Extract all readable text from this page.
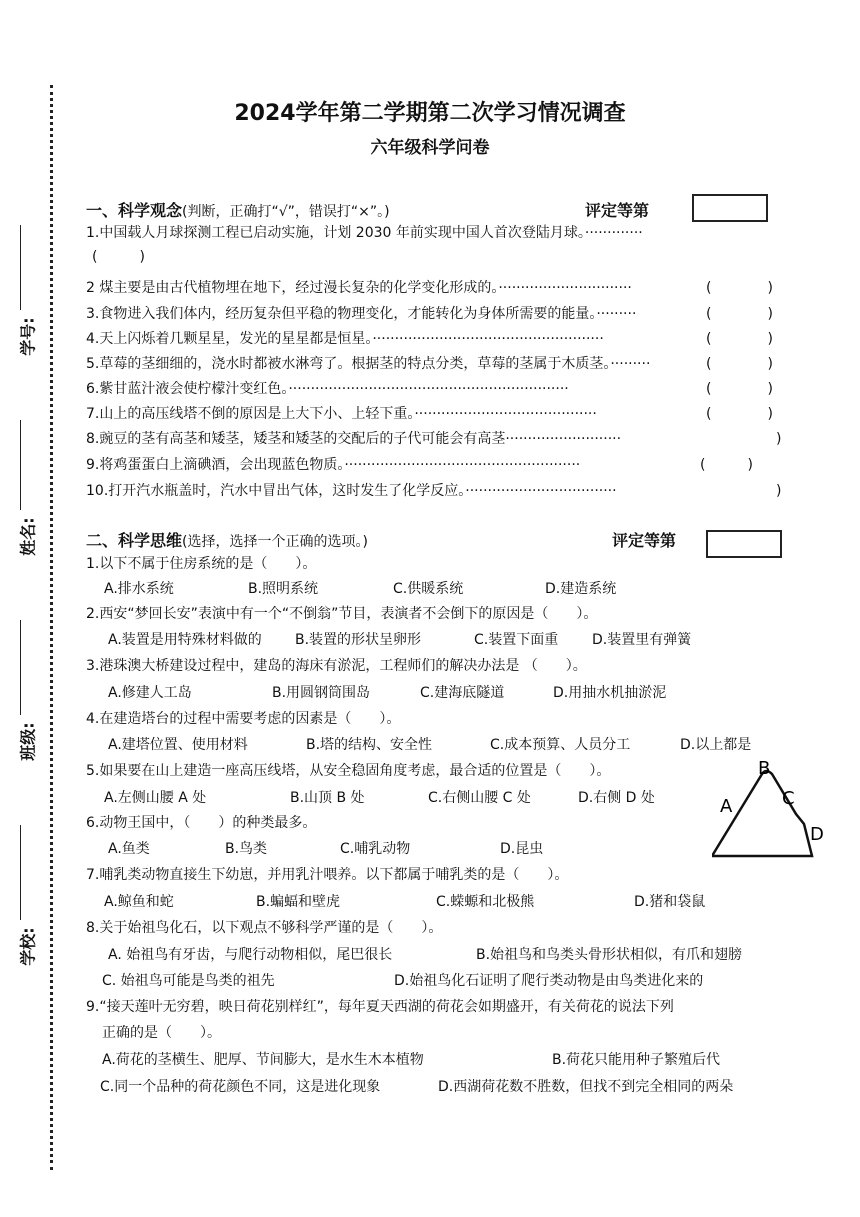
学校:
班级:
姓名:
学号:
2024学年第二学期第二次学习情况调查
六年级科学问卷
一、科学观念(判断，正确打“√”，错误打“×”。)	评定等第
1.中国载人月球探测工程已启动实施，计划 2030 年前实现中国人首次登陆月球。·············
(　　　)
2 煤主要是由古代植物埋在地下，经过漫长复杂的化学变化形成的。······························	(　　　　)
3.食物进入我们体内，经历复杂但平稳的物理变化，才能转化为身体所需要的能量。·········	(　　　　)
4.天上闪烁着几颗星星，发光的星星都是恒星。····················································	(　　　　)
5.草莓的茎细细的，浇水时都被水淋弯了。根据茎的特点分类，草莓的茎属于木质茎。·········	(　　　　)
6.紫甘蓝汁液会使柠檬汁变红色。·······························································	(　　　　)
7.山上的高压线塔不倒的原因是上大下小、上轻下重。·········································	(　　　　)
8.豌豆的茎有高茎和矮茎，矮茎和矮茎的交配后的子代可能会有高茎··························	　　　　　)
9.将鸡蛋蛋白上滴碘酒，会出现蓝色物质。·····················································	(　　　)
10.打开汽水瓶盖时，汽水中冒出气体，这时发生了化学反应。··································	　　　　　)
二、科学思维(选择，选择一个正确的选项。)	评定等第
1.以下不属于住房系统的是（　　）。
A.排水系统	B.照明系统	C.供暖系统	D.建造系统
2.西安“梦回长安”表演中有一个“不倒翁”节目，表演者不会倒下的原因是（　　）。
A.装置是用特殊材料做的 B.装置的形状呈卵形	C.装置下面重 D.装置里有弹簧
3.港珠澳大桥建设过程中，建岛的海床有淤泥，工程师们的解决办法是 （　　）。
A.修建人工岛	B.用圆钢筒围岛	C.建海底隧道	D.用抽水机抽淤泥
4.在建造塔台的过程中需要考虑的因素是（　　）。
A.建塔位置、使用材料	B.塔的结构、安全性	C.成本预算、人员分工	D.以上都是
5.如果要在山上建造一座高压线塔，从安全稳固角度考虑，最合适的位置是（　　）。
A.左侧山腰 A 处	B.山顶 B 处	C.右侧山腰 C 处	D.右侧 D 处	A
B
C
D
6.动物王国中，（　　）的种类最多。
A.鱼类	B.鸟类	C.哺乳动物	D.昆虫
7.哺乳类动物直接生下幼崽，并用乳汁喂养。以下都属于哺乳类的是（　　）。
A.鲸鱼和蛇	B.蝙蝠和壁虎	C.蝾螈和北极熊	D.猪和袋鼠
8.关于始祖鸟化石，以下观点不够科学严谨的是（　　）。
A. 始祖鸟有牙齿，与爬行动物相似，尾巴很长	B.始祖鸟和鸟类头骨形状相似，有爪和翅膀
C. 始祖鸟可能是鸟类的祖先	D.始祖鸟化石证明了爬行类动物是由鸟类进化来的
9.“接天莲叶无穷碧，映日荷花别样红”，每年夏天西湖的荷花会如期盛开，有关荷花的说法下列
正确的是（　　）。
A.荷花的茎横生、肥厚、节间膨大，是水生木本植物	B.荷花只能用种子繁殖后代
C.同一个品种的荷花颜色不同，这是进化现象	D.西湖荷花数不胜数，但找不到完全相同的两朵
